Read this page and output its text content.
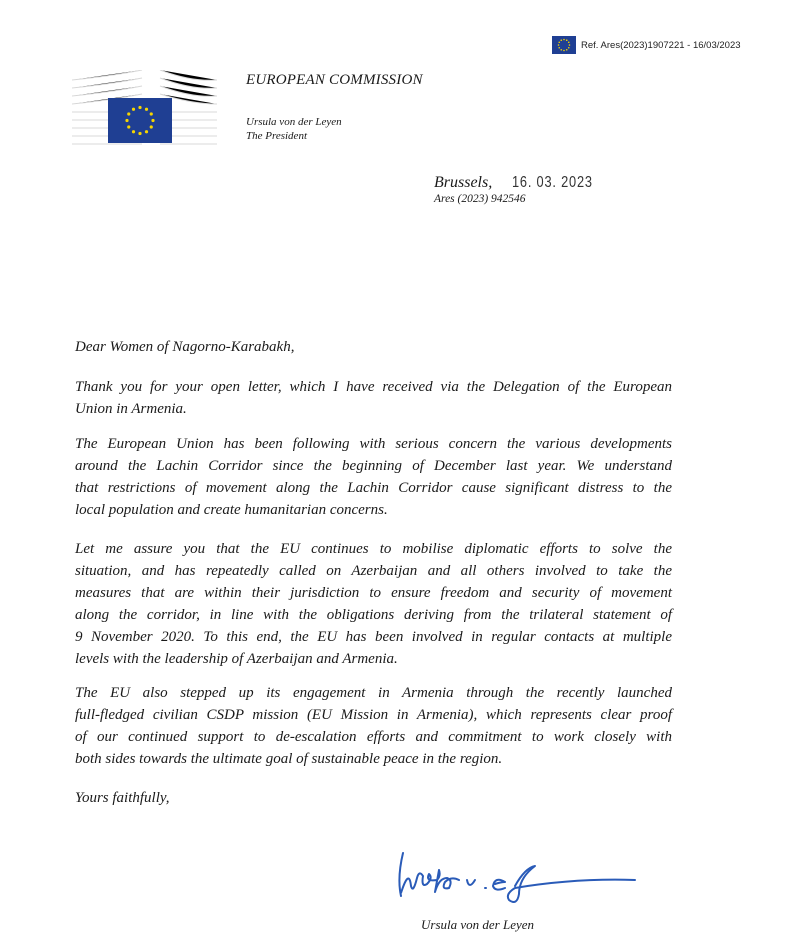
Ref. Ares(2023)1907221 - 16/03/2023
EUROPEAN COMMISSION
Ursula von der Leyen
The President
Brussels, 16. 03. 2023
Ares (2023) 942546
Dear Women of Nagorno-Karabakh,
Thank you for your open letter, which I have received via the Delegation of the European
Union in Armenia.
The European Union has been following with serious concern the various developments
around the Lachin Corridor since the beginning of December last year. We understand
that restrictions of movement along the Lachin Corridor cause significant distress to the
local population and create humanitarian concerns.
Let me assure you that the EU continues to mobilise diplomatic efforts to solve the
situation, and has repeatedly called on Azerbaijan and all others involved to take the
measures that are within their jurisdiction to ensure freedom and security of movement
along the corridor, in line with the obligations deriving from the trilateral statement of
9 November 2020. To this end, the EU has been involved in regular contacts at multiple
levels with the leadership of Azerbaijan and Armenia.
The EU also stepped up its engagement in Armenia through the recently launched
full-fledged civilian CSDP mission (EU Mission in Armenia), which represents clear proof
of our continued support to de-escalation efforts and commitment to work closely with
both sides towards the ultimate goal of sustainable peace in the region.
Yours faithfully,
Ursula von der Leyen
